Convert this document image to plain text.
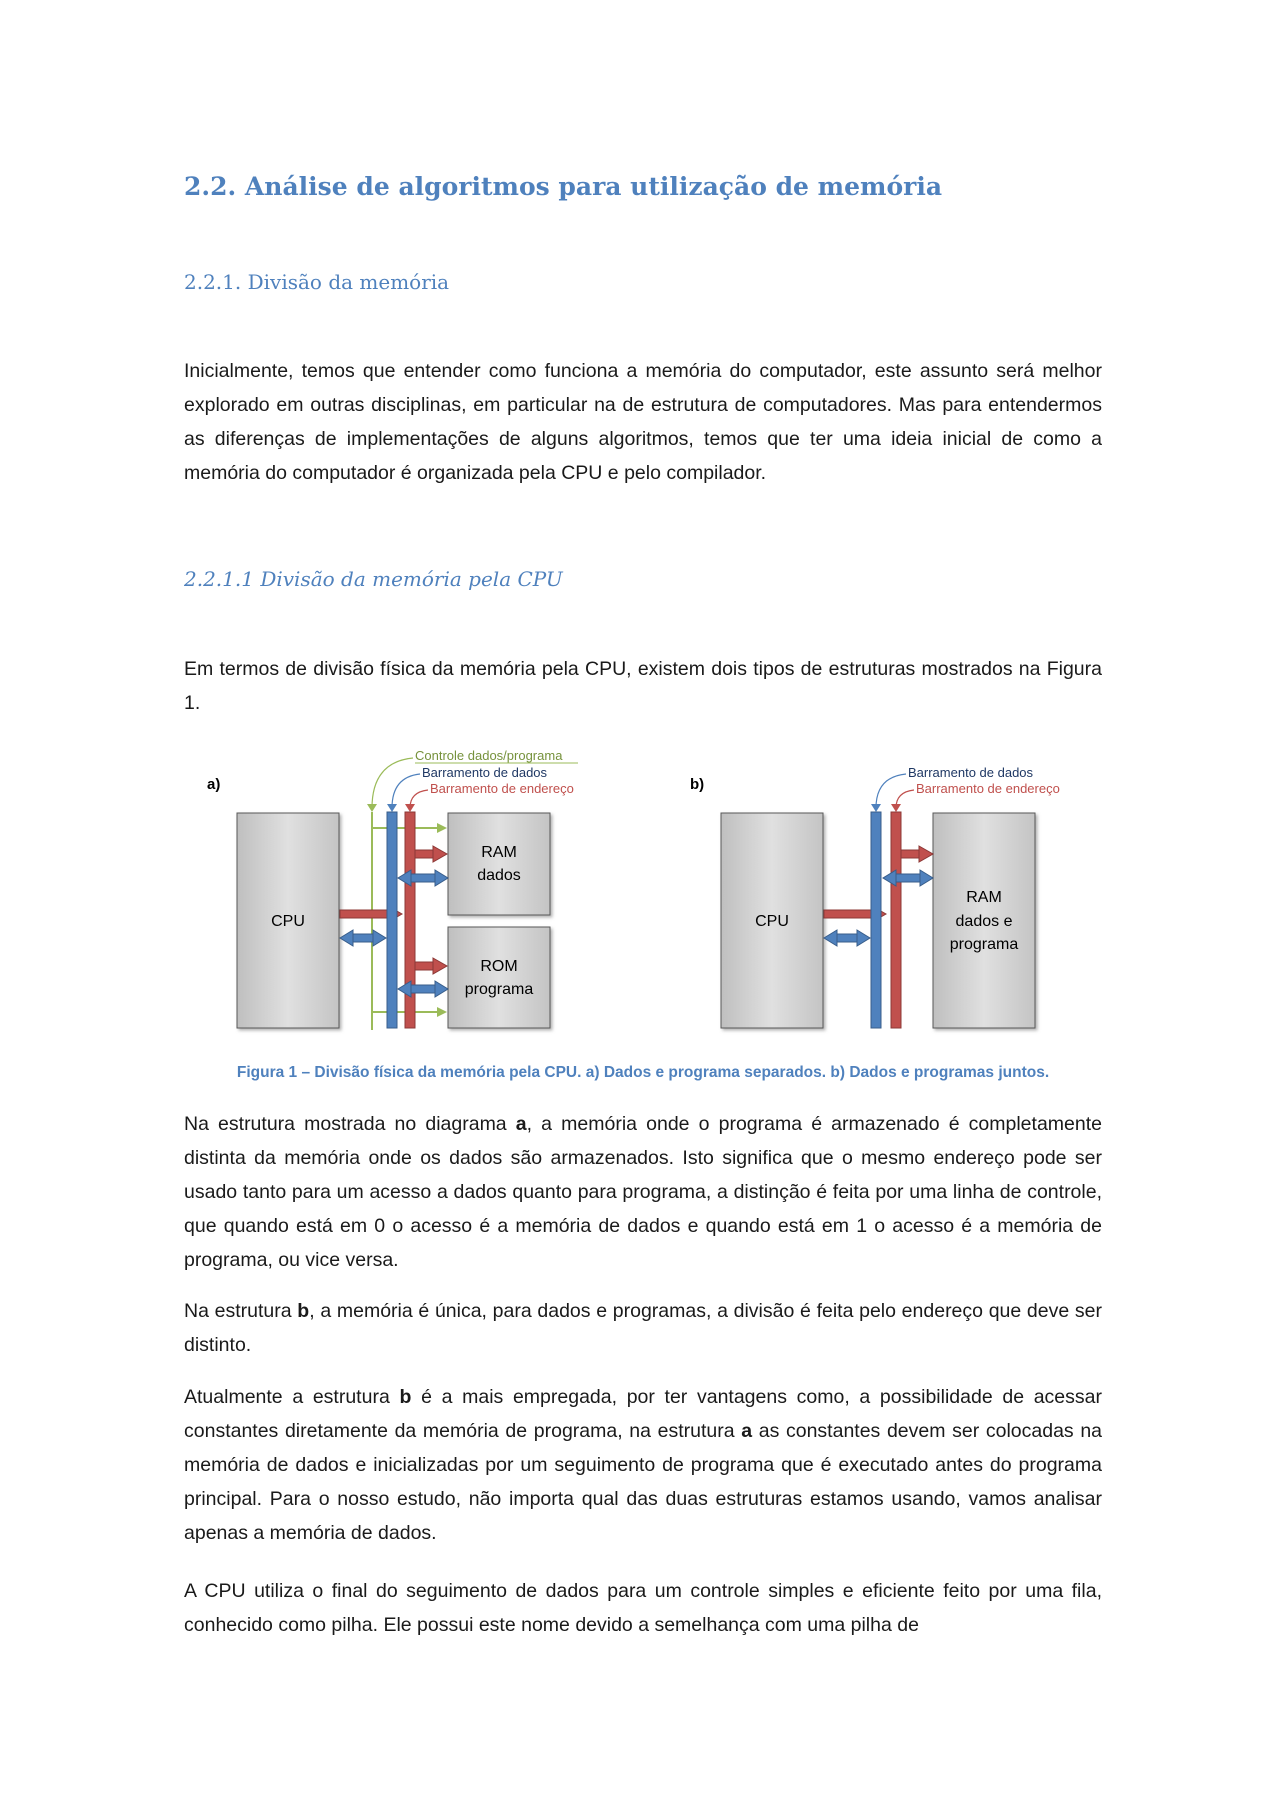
2.2. Análise de algoritmos para utilização de memória
2.2.1. Divisão da memória

Inicialmente, temos que entender como funciona a memória do computador, este assunto será melhor explorado em outras disciplinas, em particular na de estrutura de computadores. Mas para entendermos as diferenças de implementações de alguns algoritmos, temos que ter uma ideia inicial de como a memória do computador é organizada pela CPU e pelo compilador.

2.2.1.1 Divisão da memória pela CPU

Em termos de divisão física da memória pela CPU, existem dois tipos de estruturas mostrados na Figura 1.

a)
Controle dados/programa
Barramento de dados
Barramento de endereço
CPU
RAM
dados
ROM
programa
b)
Barramento de dados
Barramento de endereço
CPU
RAM
dados e
programa

Figura 1 – Divisão física da memória pela CPU. a) Dados e programa separados. b) Dados e programas juntos.

Na estrutura mostrada no diagrama a, a memória onde o programa é armazenado é completamente distinta da memória onde os dados são armazenados. Isto significa que o mesmo endereço pode ser usado tanto para um acesso a dados quanto para programa, a distinção é feita por uma linha de controle, que quando está em 0 o acesso é a memória de dados e quando está em 1 o acesso é a memória de programa, ou vice versa.

Na estrutura b, a memória é única, para dados e programas, a divisão é feita pelo endereço que deve ser distinto.

Atualmente a estrutura b é a mais empregada, por ter vantagens como, a possibilidade de acessar constantes diretamente da memória de programa, na estrutura a as constantes devem ser colocadas na memória de dados e inicializadas por um seguimento de programa que é executado antes do programa principal. Para o nosso estudo, não importa qual das duas estruturas estamos usando, vamos analisar apenas a memória de dados.

A CPU utiliza o final do seguimento de dados para um controle simples e eficiente feito por uma fila, conhecido como pilha. Ele possui este nome devido a semelhança com uma pilha de
